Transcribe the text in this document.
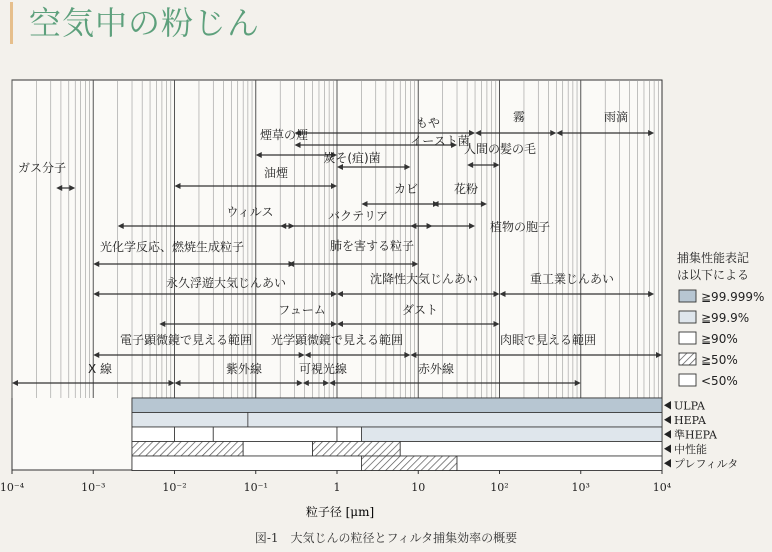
空気中の粉じん
ガス分子
もや	霧	雨滴
煙草の煙	イースト菌
炭そ(疽)菌
人間の髪の毛
油煙
カビ	花粉
ウィルス	バクテリア
植物の胞子
光化学反応、燃焼生成粒子	肺を害する粒子
永久浮遊大気じんあい	沈降性大気じんあい	重工業じんあい
フューム	ダスト
電子顕微鏡で見える範囲 光学顕微鏡で見える範囲	肉眼で見える範囲
X 線	紫外線	可視光線	赤外線
ULPA
HEPA
準HEPA
中性能
プレフィルタ
10⁻⁴	10⁻³	10⁻²	10⁻¹	1	10	10²	10³	10⁴
粒子径 [μm]
捕集性能表記
は以下による
≧99.999%
≧99.9%
≧90%
≧50%
<50%
図-1　大気じんの粒径とフィルタ捕集効率の概要
